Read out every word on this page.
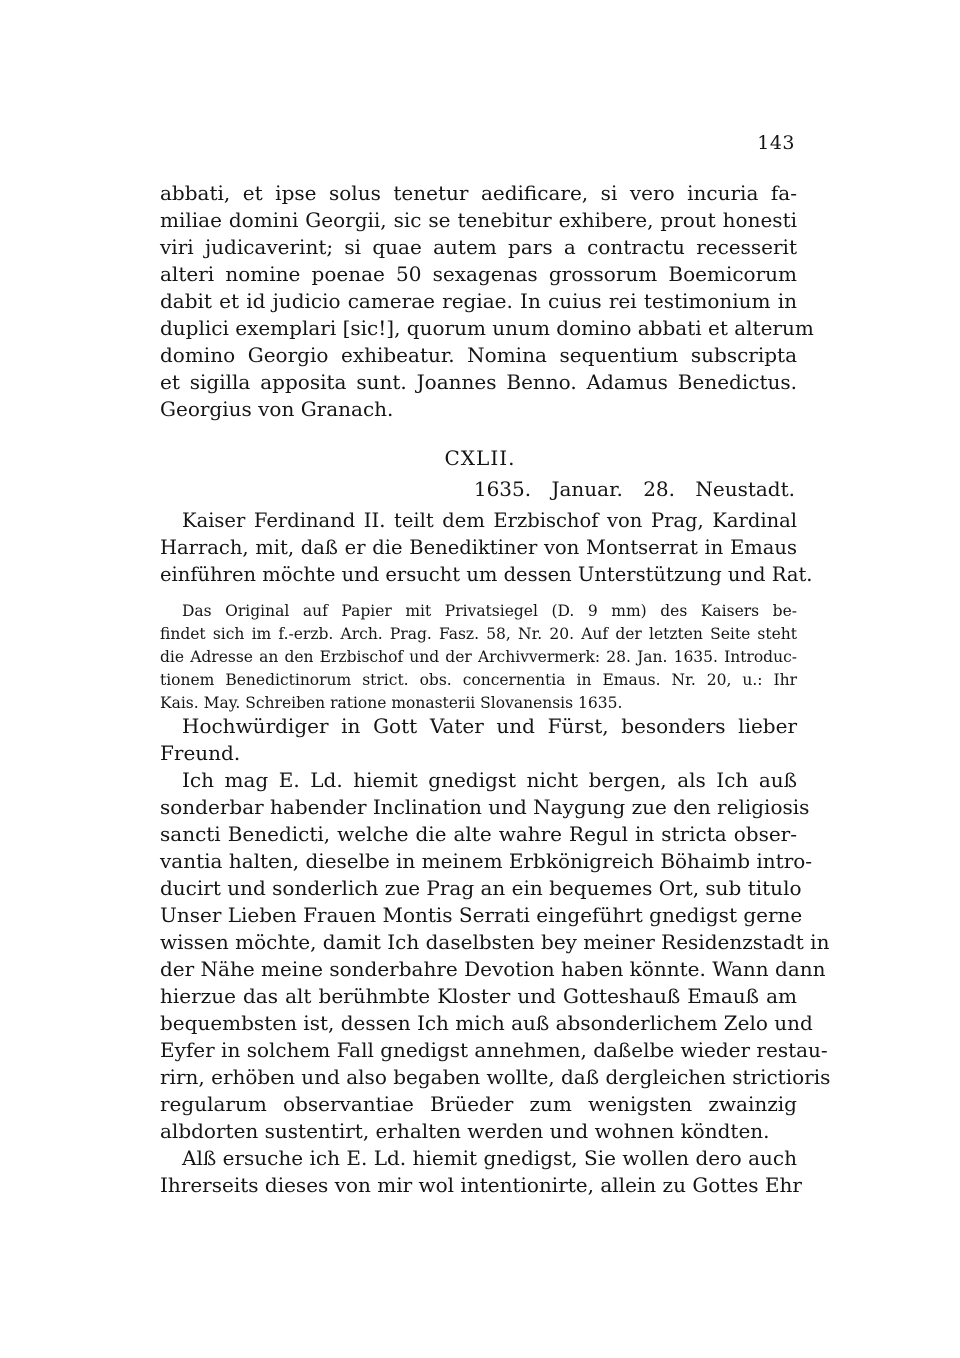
143
abbati, et ipse solus tenetur aedificare, si vero incuria fa-
miliae domini Georgii, sic se tenebitur exhibere, prout honesti
viri judicaverint; si quae autem pars a contractu recesserit
alteri nomine poenae 50 sexagenas grossorum Boemicorum
dabit et id judicio camerae regiae. In cuius rei testimonium in
duplici exemplari [sic!], quorum unum domino abbati et alterum
domino Georgio exhibeatur. Nomina sequentium subscripta
et sigilla apposita sunt. Joannes Benno. Adamus Benedictus.
Georgius von Granach.
CXLII.
1635. Januar. 28. Neustadt.
Kaiser Ferdinand II. teilt dem Erzbischof von Prag, Kardinal
Harrach, mit, daß er die Benediktiner von Montserrat in Emaus
einführen möchte und ersucht um dessen Unterstützung und Rat.
Das Original auf Papier mit Privatsiegel (D. 9 mm) des Kaisers be-
findet sich im f.-erzb. Arch. Prag. Fasz. 58, Nr. 20. Auf der letzten Seite steht
die Adresse an den Erzbischof und der Archivvermerk: 28. Jan. 1635. Introduc-
tionem Benedictinorum strict. obs. concernentia in Emaus. Nr. 20, u.: Ihr
Kais. May. Schreiben ratione monasterii Slovanensis 1635.
Hochwürdiger in Gott Vater und Fürst, besonders lieber
Freund.
Ich mag E. Ld. hiemit gnedigst nicht bergen, als Ich auß
sonderbar habender Inclination und Naygung zue den religiosis
sancti Benedicti, welche die alte wahre Regul in stricta obser-
vantia halten, dieselbe in meinem Erbkönigreich Böhaimb intro-
ducirt und sonderlich zue Prag an ein bequemes Ort, sub titulo
Unser Lieben Frauen Montis Serrati eingeführt gnedigst gerne
wissen möchte, damit Ich daselbsten bey meiner Residenzstadt in
der Nähe meine sonderbahre Devotion haben könnte. Wann dann
hierzue das alt berühmbte Kloster und Gotteshauß Emauß am
bequembsten ist, dessen Ich mich auß absonderlichem Zelo und
Eyfer in solchem Fall gnedigst annehmen, daßelbe wieder restau-
rirn, erhöben und also begaben wollte, daß dergleichen strictioris
regularum observantiae Brüeder zum wenigsten zwainzig
albdorten sustentirt, erhalten werden und wohnen köndten.
Alß ersuche ich E. Ld. hiemit gnedigst, Sie wollen dero auch
Ihrerseits dieses von mir wol intentionirte, allein zu Gottes Ehr
